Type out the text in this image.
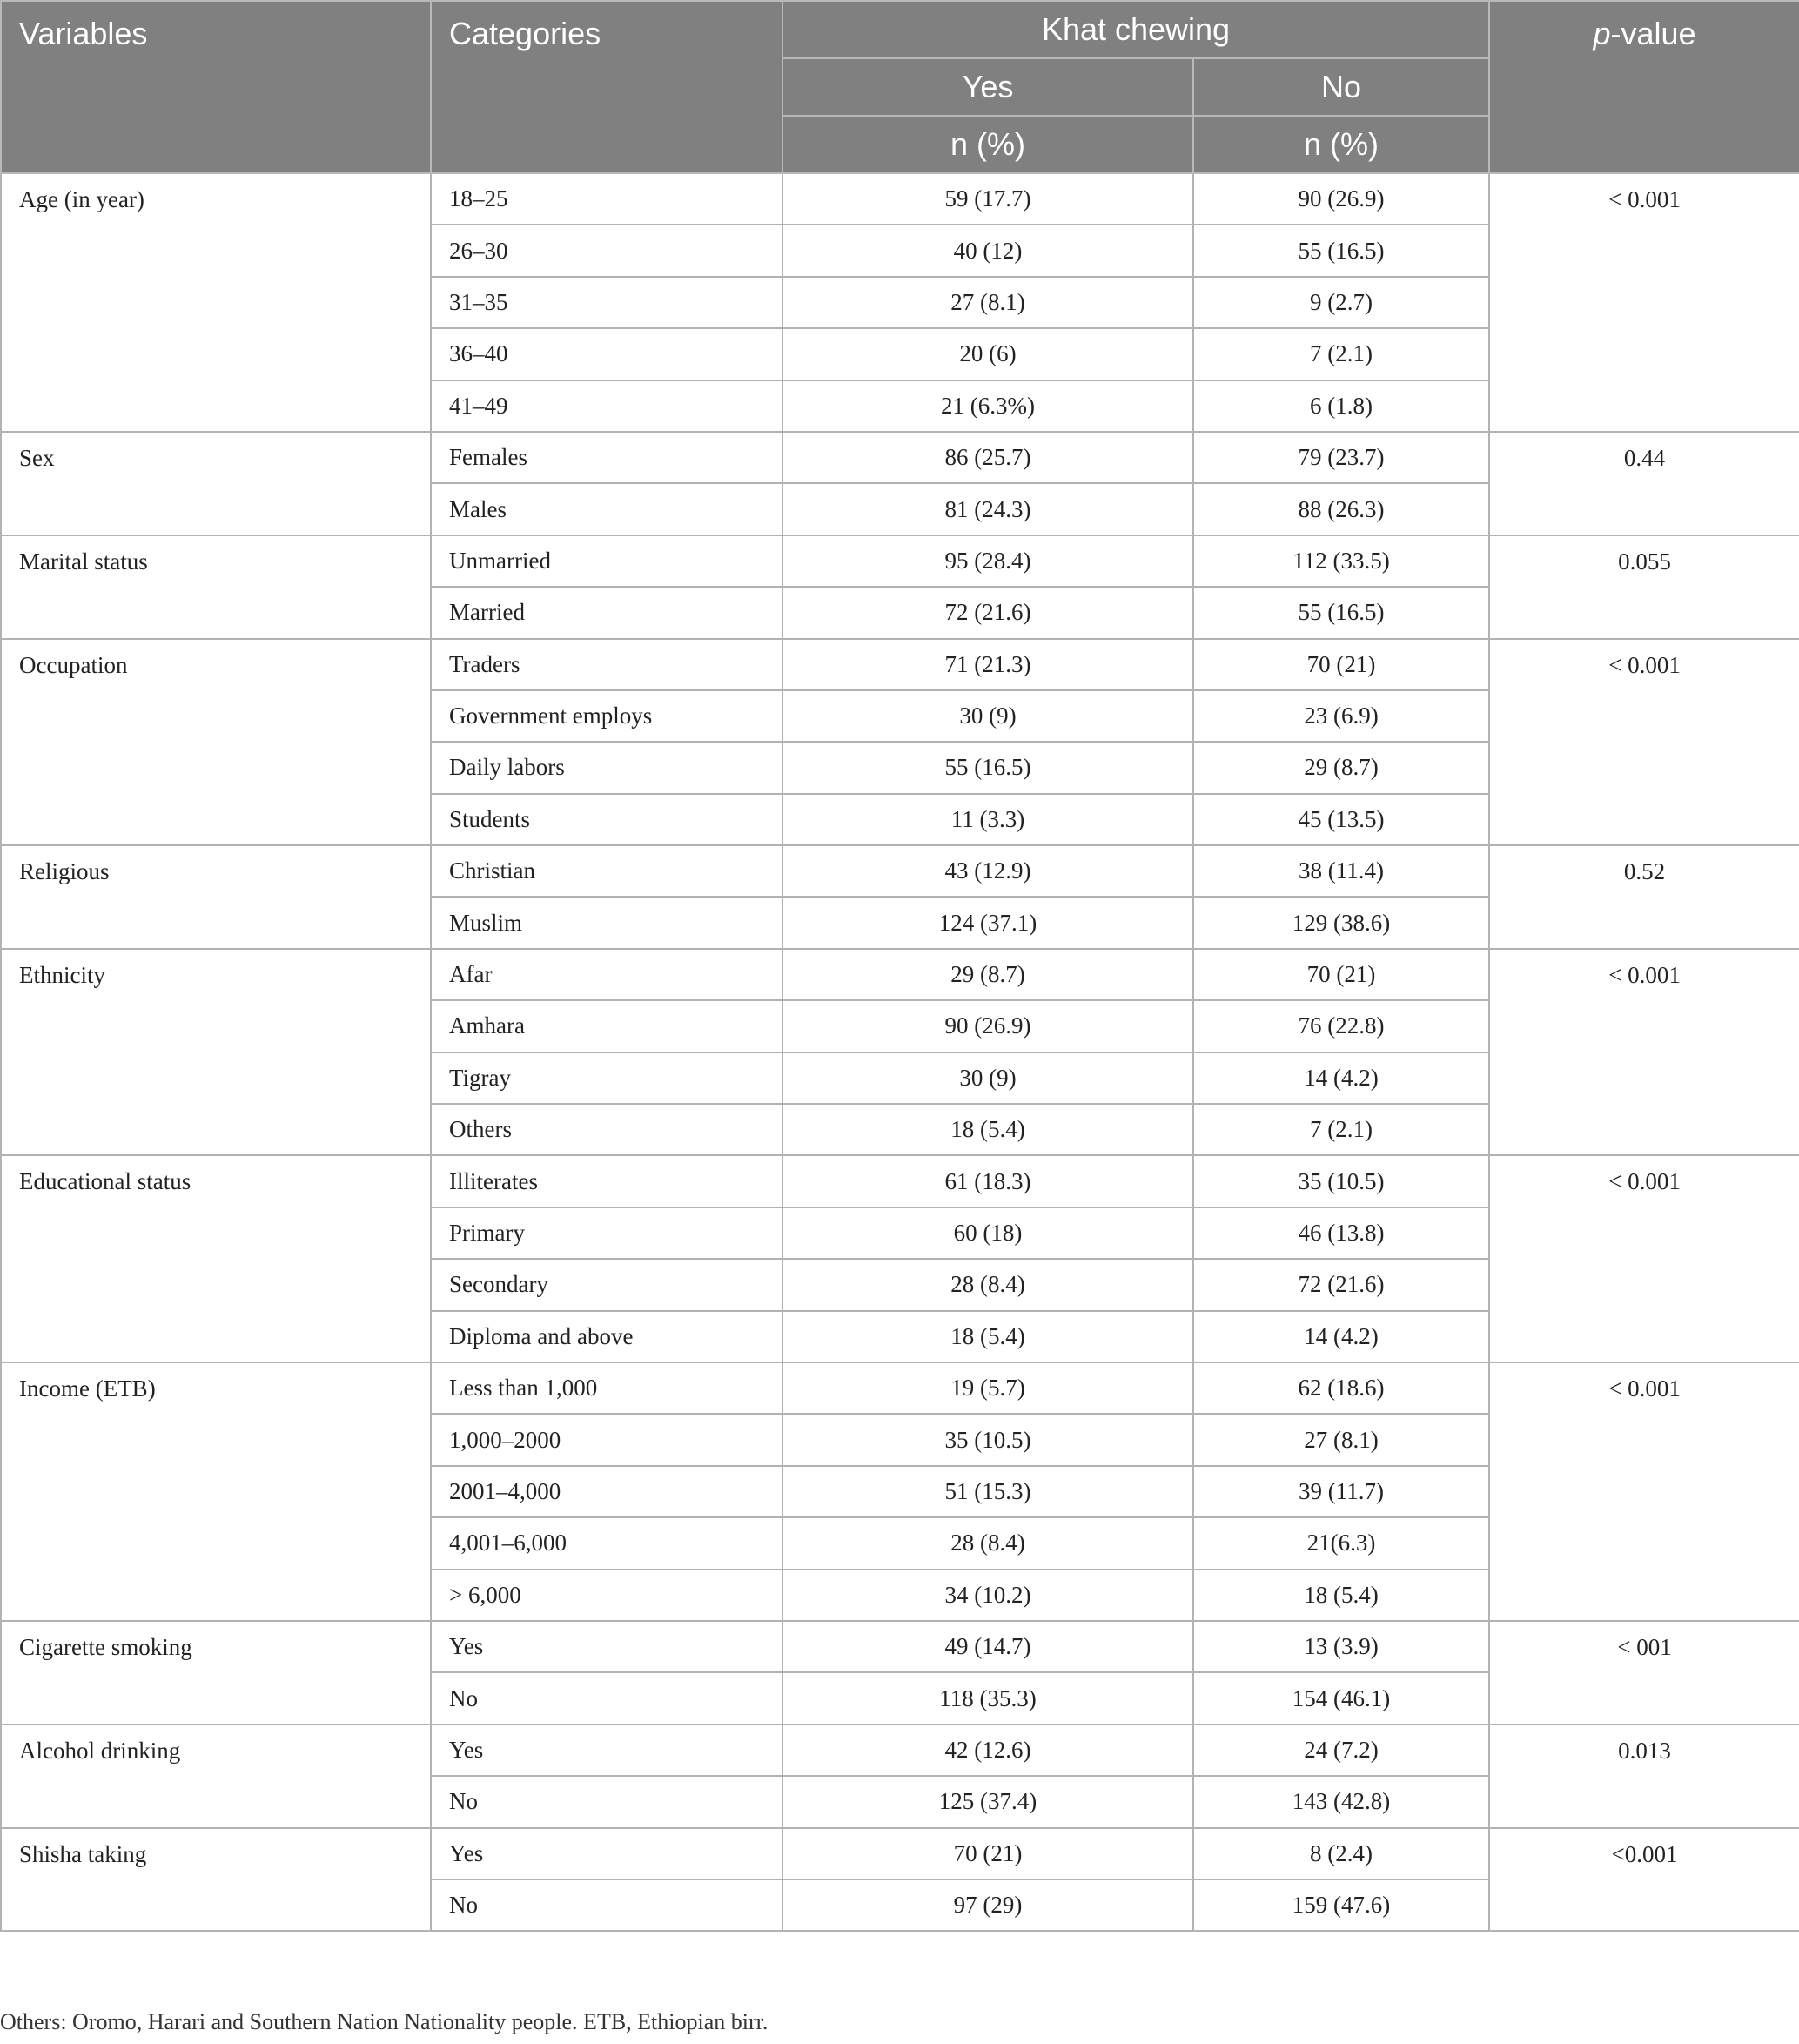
Variables	Categories	Khat chewing		p-value
		Yes	No	
		n (%)	n (%)	
Age (in year)	18–25	59 (17.7)	90 (26.9)	< 0.001
	26–30	40 (12)	55 (16.5)	
	31–35	27 (8.1)	9 (2.7)	
	36–40	20 (6)	7 (2.1)	
	41–49	21 (6.3%)	6 (1.8)	
Sex	Females	86 (25.7)	79 (23.7)	0.44
	Males	81 (24.3)	88 (26.3)	
Marital status	Unmarried	95 (28.4)	112 (33.5)	0.055
	Married	72 (21.6)	55 (16.5)	
Occupation	Traders	71 (21.3)	70 (21)	< 0.001
	Government employs	30 (9)	23 (6.9)	
	Daily labors	55 (16.5)	29 (8.7)	
	Students	11 (3.3)	45 (13.5)	
Religious	Christian	43 (12.9)	38 (11.4)	0.52
	Muslim	124 (37.1)	129 (38.6)	
Ethnicity	Afar	29 (8.7)	70 (21)	< 0.001
	Amhara	90 (26.9)	76 (22.8)	
	Tigray	30 (9)	14 (4.2)	
	Others	18 (5.4)	7 (2.1)	
Educational status	Illiterates	61 (18.3)	35 (10.5)	< 0.001
	Primary	60 (18)	46 (13.8)	
	Secondary	28 (8.4)	72 (21.6)	
	Diploma and above	18 (5.4)	14 (4.2)	
Income (ETB)	Less than 1,000	19 (5.7)	62 (18.6)	< 0.001
	1,000–2000	35 (10.5)	27 (8.1)	
	2001–4,000	51 (15.3)	39 (11.7)	
	4,001–6,000	28 (8.4)	21(6.3)	
	> 6,000	34 (10.2)	18 (5.4)	
Cigarette smoking	Yes	49 (14.7)	13 (3.9)	< 001
	No	118 (35.3)	154 (46.1)	
Alcohol drinking	Yes	42 (12.6)	24 (7.2)	0.013
	No	125 (37.4)	143 (42.8)	
Shisha taking	Yes	70 (21)	8 (2.4)	<0.001
	No	97 (29)	159 (47.6)	
Others: Oromo, Harari and Southern Nation Nationality people. ETB, Ethiopian birr.
